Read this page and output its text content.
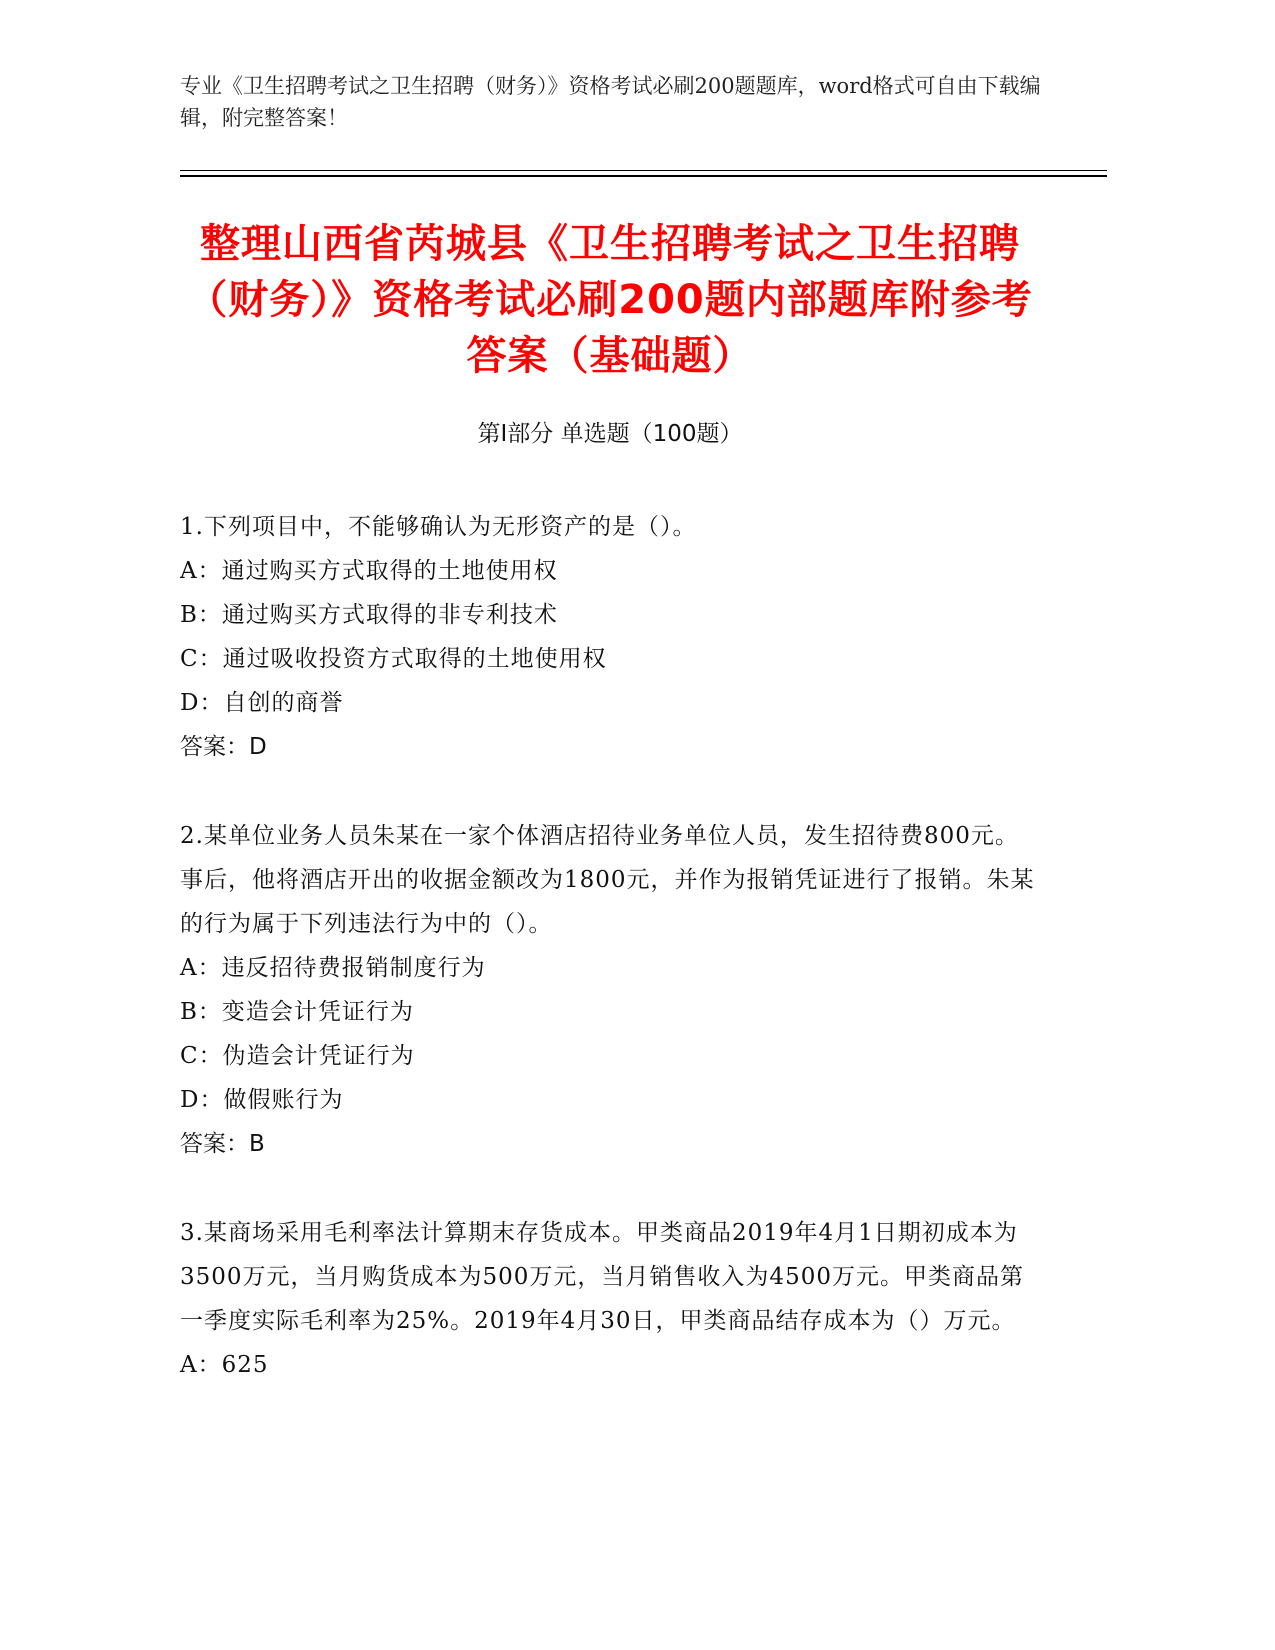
专业《卫生招聘考试之卫生招聘（财务）》资格考试必刷200题题库，word格式可自由下载编辑，附完整答案！
整理山西省芮城县《卫生招聘考试之卫生招聘（财务）》资格考试必刷200题内部题库附参考答案（基础题）
第Ⅰ部分 单选题（100题）

1.下列项目中，不能够确认为无形资产的是（）。

A：通过购买方式取得的土地使用权

B：通过购买方式取得的非专利技术

C：通过吸收投资方式取得的土地使用权

D：自创的商誉

答案：D

2.某单位业务人员朱某在一家个体酒店招待业务单位人员，发生招待费800元。事后，他将酒店开出的收据金额改为1800元，并作为报销凭证进行了报销。朱某的行为属于下列违法行为中的（）。

A：违反招待费报销制度行为

B：变造会计凭证行为

C：伪造会计凭证行为

D：做假账行为

答案：B

3.某商场采用毛利率法计算期末存货成本。甲类商品2019年4月1日期初成本为3500万元，当月购货成本为500万元，当月销售收入为4500万元。甲类商品第一季度实际毛利率为25%。2019年4月30日，甲类商品结存成本为（）万元。

A：625
